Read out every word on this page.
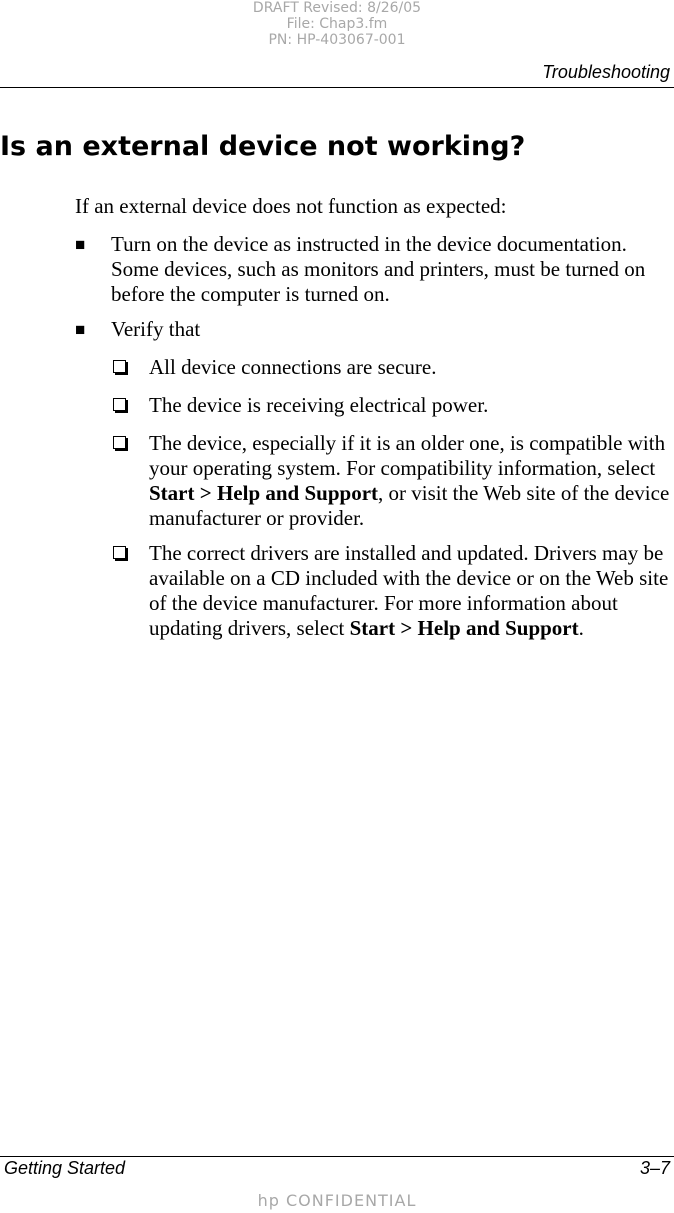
DRAFT Revised: 8/26/05
File: Chap3.fm
PN: HP-403067-001
Troubleshooting
Is an external device not working?

If an external device does not function as expected:

■ Turn on the device as instructed in the device documentation. Some devices, such as monitors and printers, must be turned on before the computer is turned on.

■ Verify that

All device connections are secure.

The device is receiving electrical power.

The device, especially if it is an older one, is compatible with your operating system. For compatibility information, select Start > Help and Support, or visit the Web site of the device manufacturer or provider.

The correct drivers are installed and updated. Drivers may be available on a CD included with the device or on the Web site of the device manufacturer. For more information about updating drivers, select Start > Help and Support.

Getting Started	3–7
hp CONFIDENTIAL
